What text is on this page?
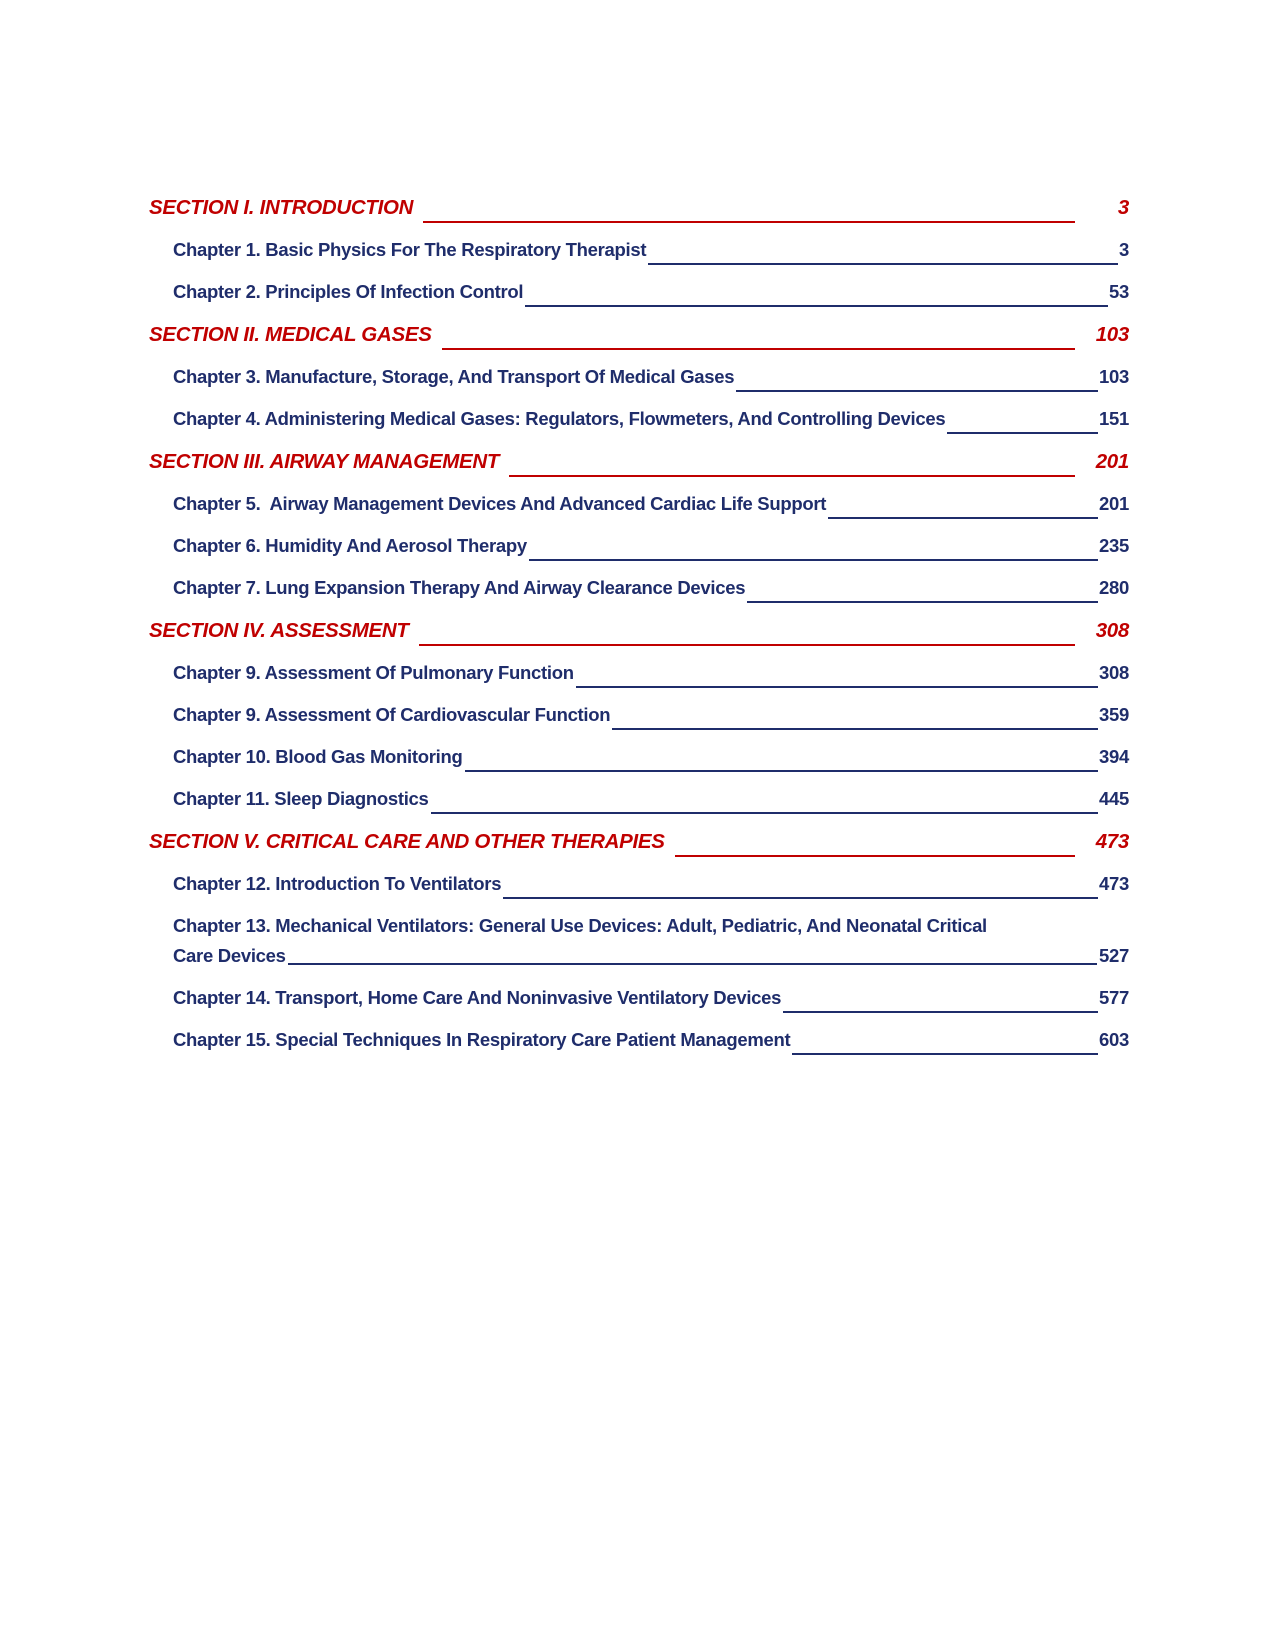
SECTION I. INTRODUCTION	3
Chapter 1. Basic Physics For The Respiratory Therapist	3
Chapter 2. Principles Of Infection Control	53
SECTION II. MEDICAL GASES	103
Chapter 3. Manufacture, Storage, And Transport Of Medical Gases	103
Chapter 4. Administering Medical Gases: Regulators, Flowmeters, And Controlling Devices	151
SECTION III. AIRWAY MANAGEMENT	201
Chapter 5.  Airway Management Devices And Advanced Cardiac Life Support	201
Chapter 6. Humidity And Aerosol Therapy	235
Chapter 7. Lung Expansion Therapy And Airway Clearance Devices	280
SECTION IV. ASSESSMENT	308
Chapter 9. Assessment Of Pulmonary Function	308
Chapter 9. Assessment Of Cardiovascular Function	359
Chapter 10. Blood Gas Monitoring	394
Chapter 11. Sleep Diagnostics	445
SECTION V. CRITICAL CARE AND OTHER THERAPIES	473
Chapter 12. Introduction To Ventilators	473
Chapter 13. Mechanical Ventilators: General Use Devices: Adult, Pediatric, And Neonatal Critical
Care Devices	527
Chapter 14. Transport, Home Care And Noninvasive Ventilatory Devices	577
Chapter 15. Special Techniques In Respiratory Care Patient Management	603
